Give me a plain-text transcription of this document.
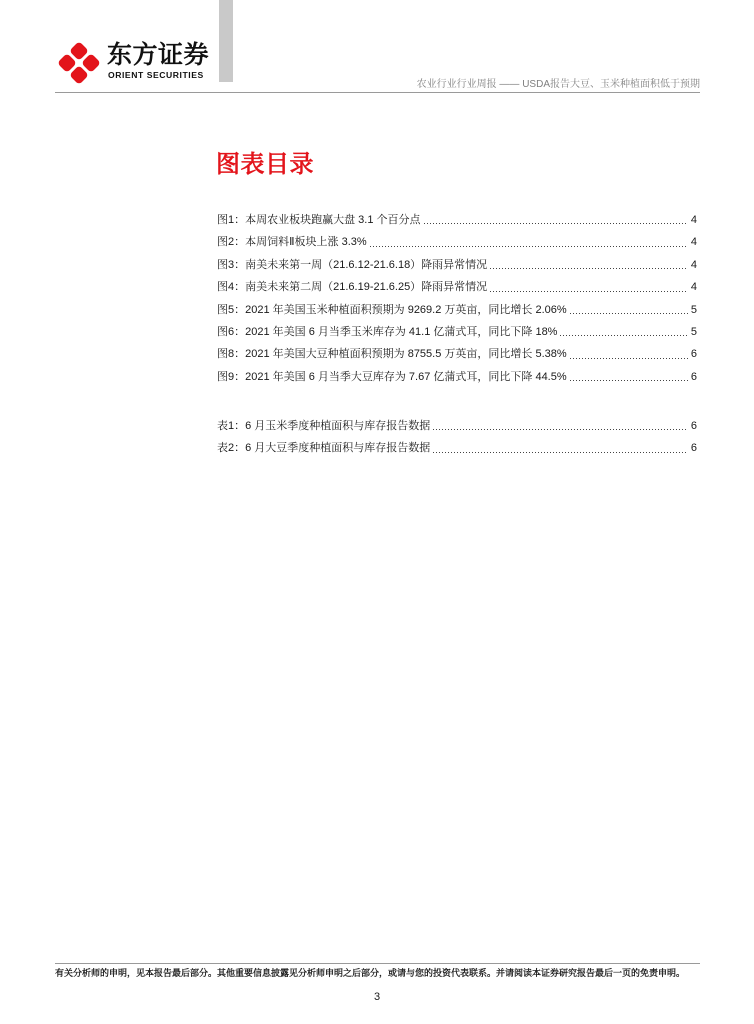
东方证券
ORIENT SECURITIES
农业行业行业周报 —— USDA报告大豆、玉米种植面积低于预期
图表目录
图1：本周农业板块跑赢大盘 3.1 个百分点	4
图2：本周饲料Ⅱ板块上涨 3.3%	4
图3：南美未来第一周（21.6.12-21.6.18）降雨异常情况	4
图4：南美未来第二周（21.6.19-21.6.25）降雨异常情况	4
图5：2021 年美国玉米种植面积预期为 9269.2 万英亩，同比增长 2.06%	5
图6：2021 年美国 6 月当季玉米库存为 41.1 亿蒲式耳，同比下降 18%	5
图8：2021 年美国大豆种植面积预期为 8755.5 万英亩，同比增长 5.38%	6
图9：2021 年美国 6 月当季大豆库存为 7.67 亿蒲式耳，同比下降 44.5%	6
表1：6 月玉米季度种植面积与库存报告数据	6
表2：6 月大豆季度种植面积与库存报告数据	6
有关分析师的申明，见本报告最后部分。其他重要信息披露见分析师申明之后部分，或请与您的投资代表联系。并请阅读本证券研究报告最后一页的免责申明。
3
